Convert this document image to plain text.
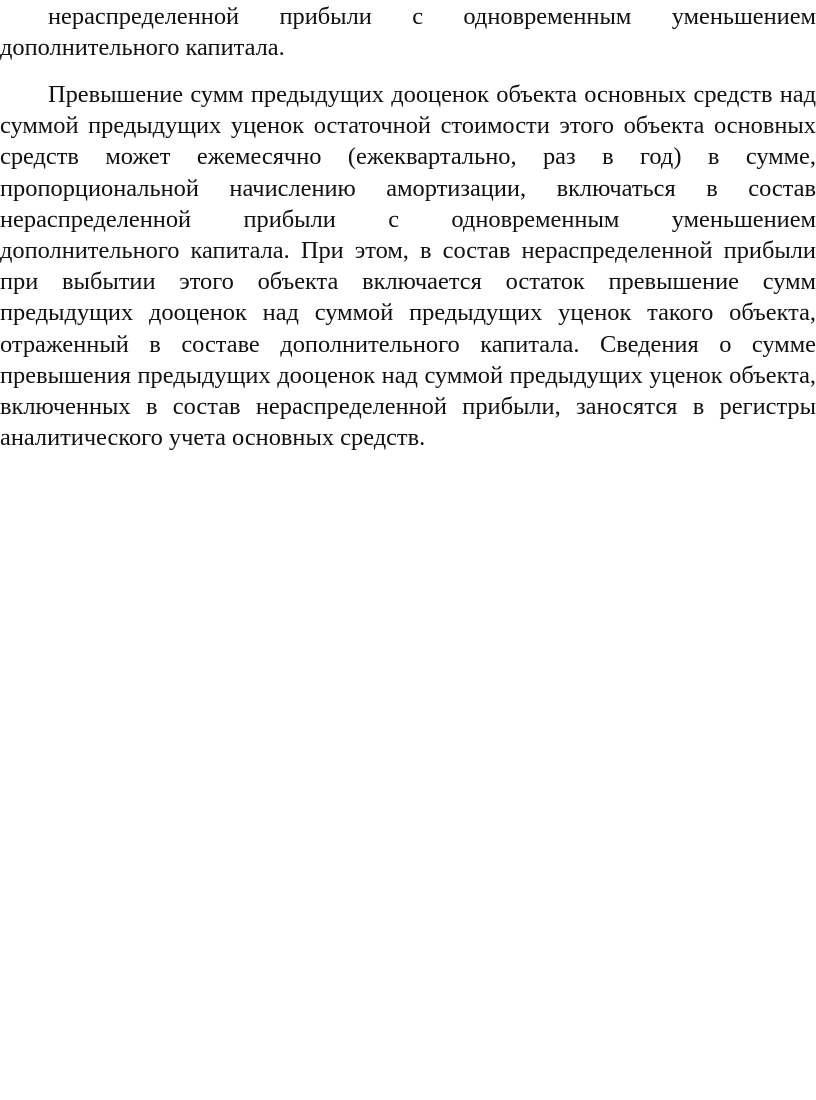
нераспределенной прибыли с одновременным уменьшением дополнительного капитала.

Превышение сумм предыдущих дооценок объекта основных средств над суммой предыдущих уценок остаточной стоимости этого объекта основных средств может ежемесячно (ежеквартально, раз в год) в сумме, пропорциональной начислению амортизации, включаться в состав нераспределенной прибыли с одновременным уменьшением дополнительного капитала. При этом, в состав нераспределенной прибыли при выбытии этого объекта включается остаток превышение сумм предыдущих дооценок над суммой предыдущих уценок такого объекта, отраженный в составе дополнительного капитала. Сведения о сумме превышения предыдущих дооценок над суммой предыдущих уценок объекта, включенных в состав нераспределенной прибыли, заносятся в регистры аналитического учета основных средств.
